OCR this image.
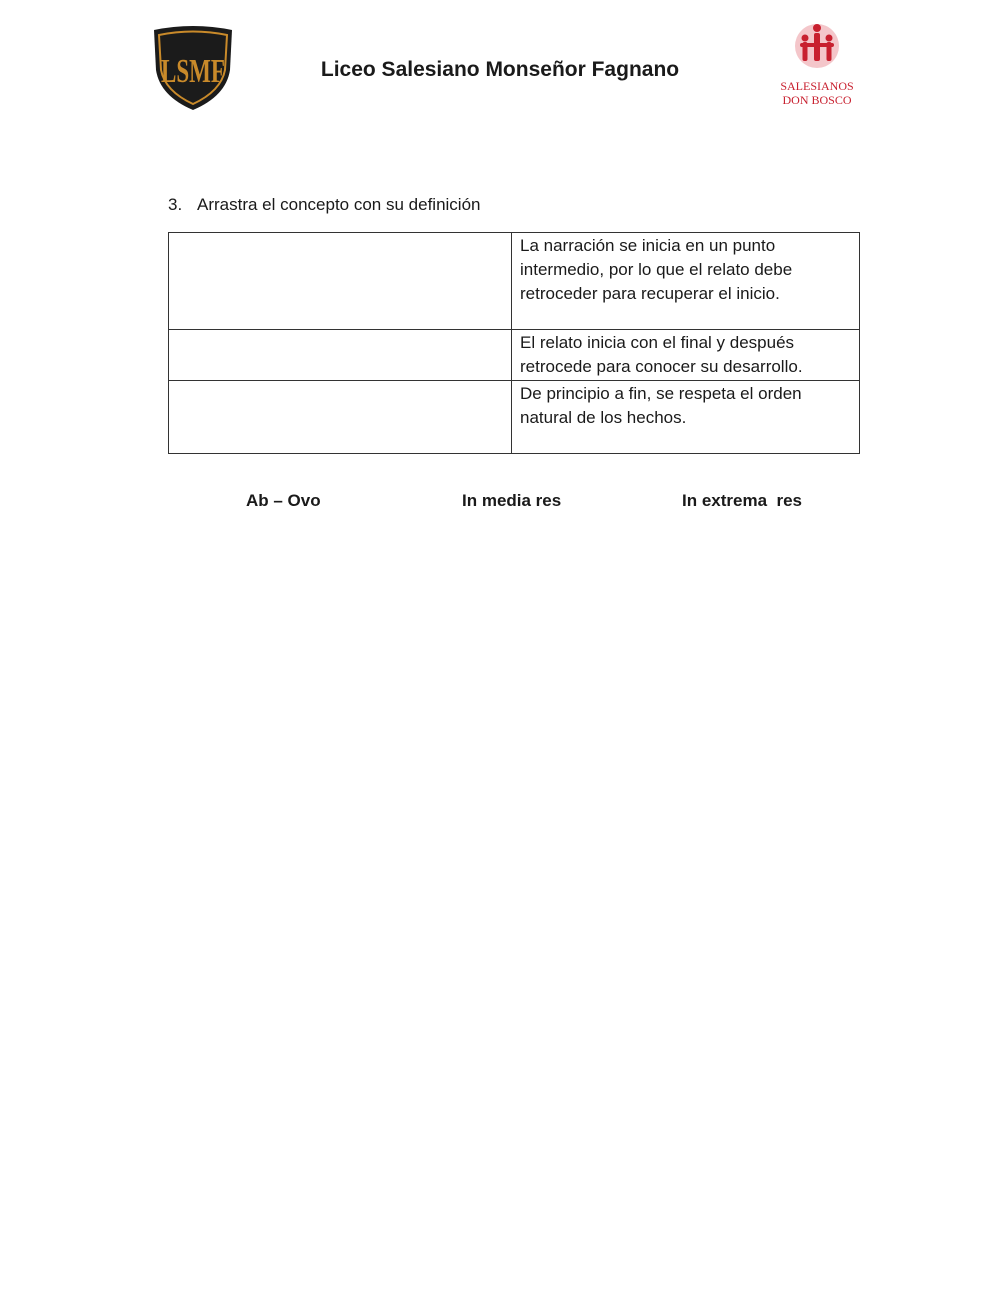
LSMF	Liceo Salesiano Monseñor Fagnano
SALESIANOS
DON BOSCO
3. Arrastra el concepto con su definición
	La narración se inicia en un punto intermedio, por lo que el relato debe retroceder para recuperar el inicio.
	El relato inicia con el final y después retrocede para conocer su desarrollo.
	De principio a fin, se respeta el orden natural de los hechos.
Ab – Ovo	In media res	In extrema  res
